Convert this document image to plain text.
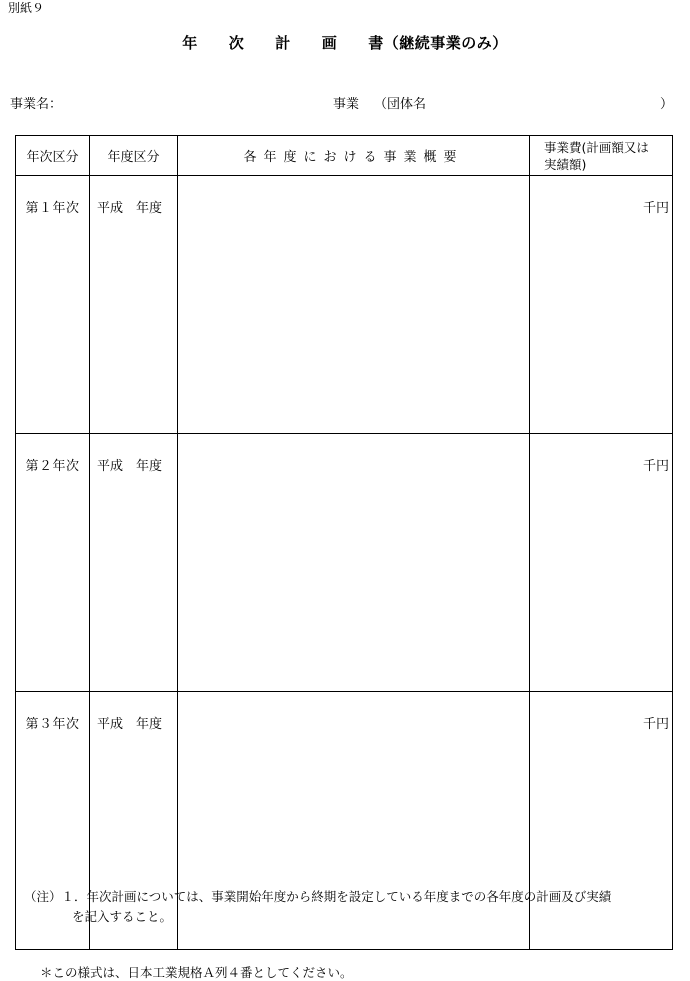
別紙９
年　　次　　計　　画　　書（継続事業のみ）
事業名：	事業 （団体名	）
年次区分	年度区分	各年度における事業概要	事業費(計画額又は
実績額)
第１年次	平成　年度		千円
第２年次	平成　年度		千円
第３年次	平成　年度		千円
（注）１．年次計画については、事業開始年度から終期を設定している年度までの各年度の計画及び実績
を記入すること。
＊この様式は、日本工業規格Ａ列４番としてください。
